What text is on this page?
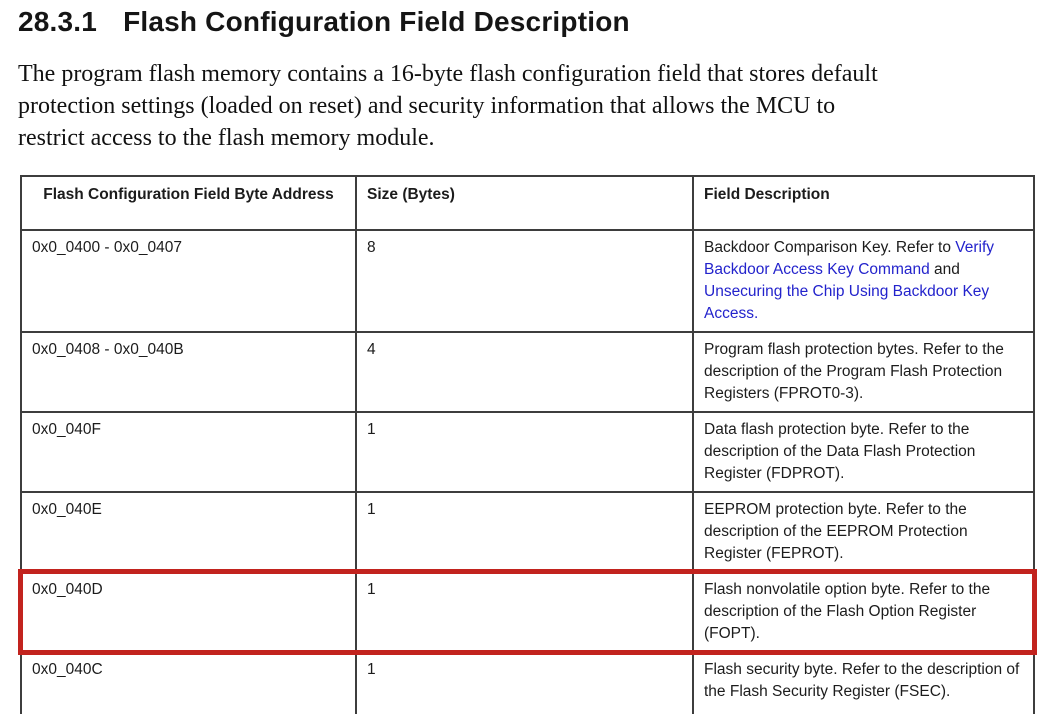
28.3.1 Flash Configuration Field Description

The program flash memory contains a 16-byte flash configuration field that stores default
protection settings (loaded on reset) and security information that allows the MCU to
restrict access to the flash memory module.

Flash Configuration Field Byte Address	Size (Bytes)	Field Description
0x0_0400 - 0x0_0407	8	Backdoor Comparison Key. Refer to Verify Backdoor Access Key Command and Unsecuring the Chip Using Backdoor Key Access.
0x0_0408 - 0x0_040B	4	Program flash protection bytes. Refer to the description of the Program Flash Protection Registers (FPROT0-3).
0x0_040F	1	Data flash protection byte. Refer to the description of the Data Flash Protection Register (FDPROT).
0x0_040E	1	EEPROM protection byte. Refer to the description of the EEPROM Protection Register (FEPROT).
0x0_040D	1	Flash nonvolatile option byte. Refer to the description of the Flash Option Register (FOPT).
0x0_040C	1	Flash security byte. Refer to the description of the Flash Security Register (FSEC).
